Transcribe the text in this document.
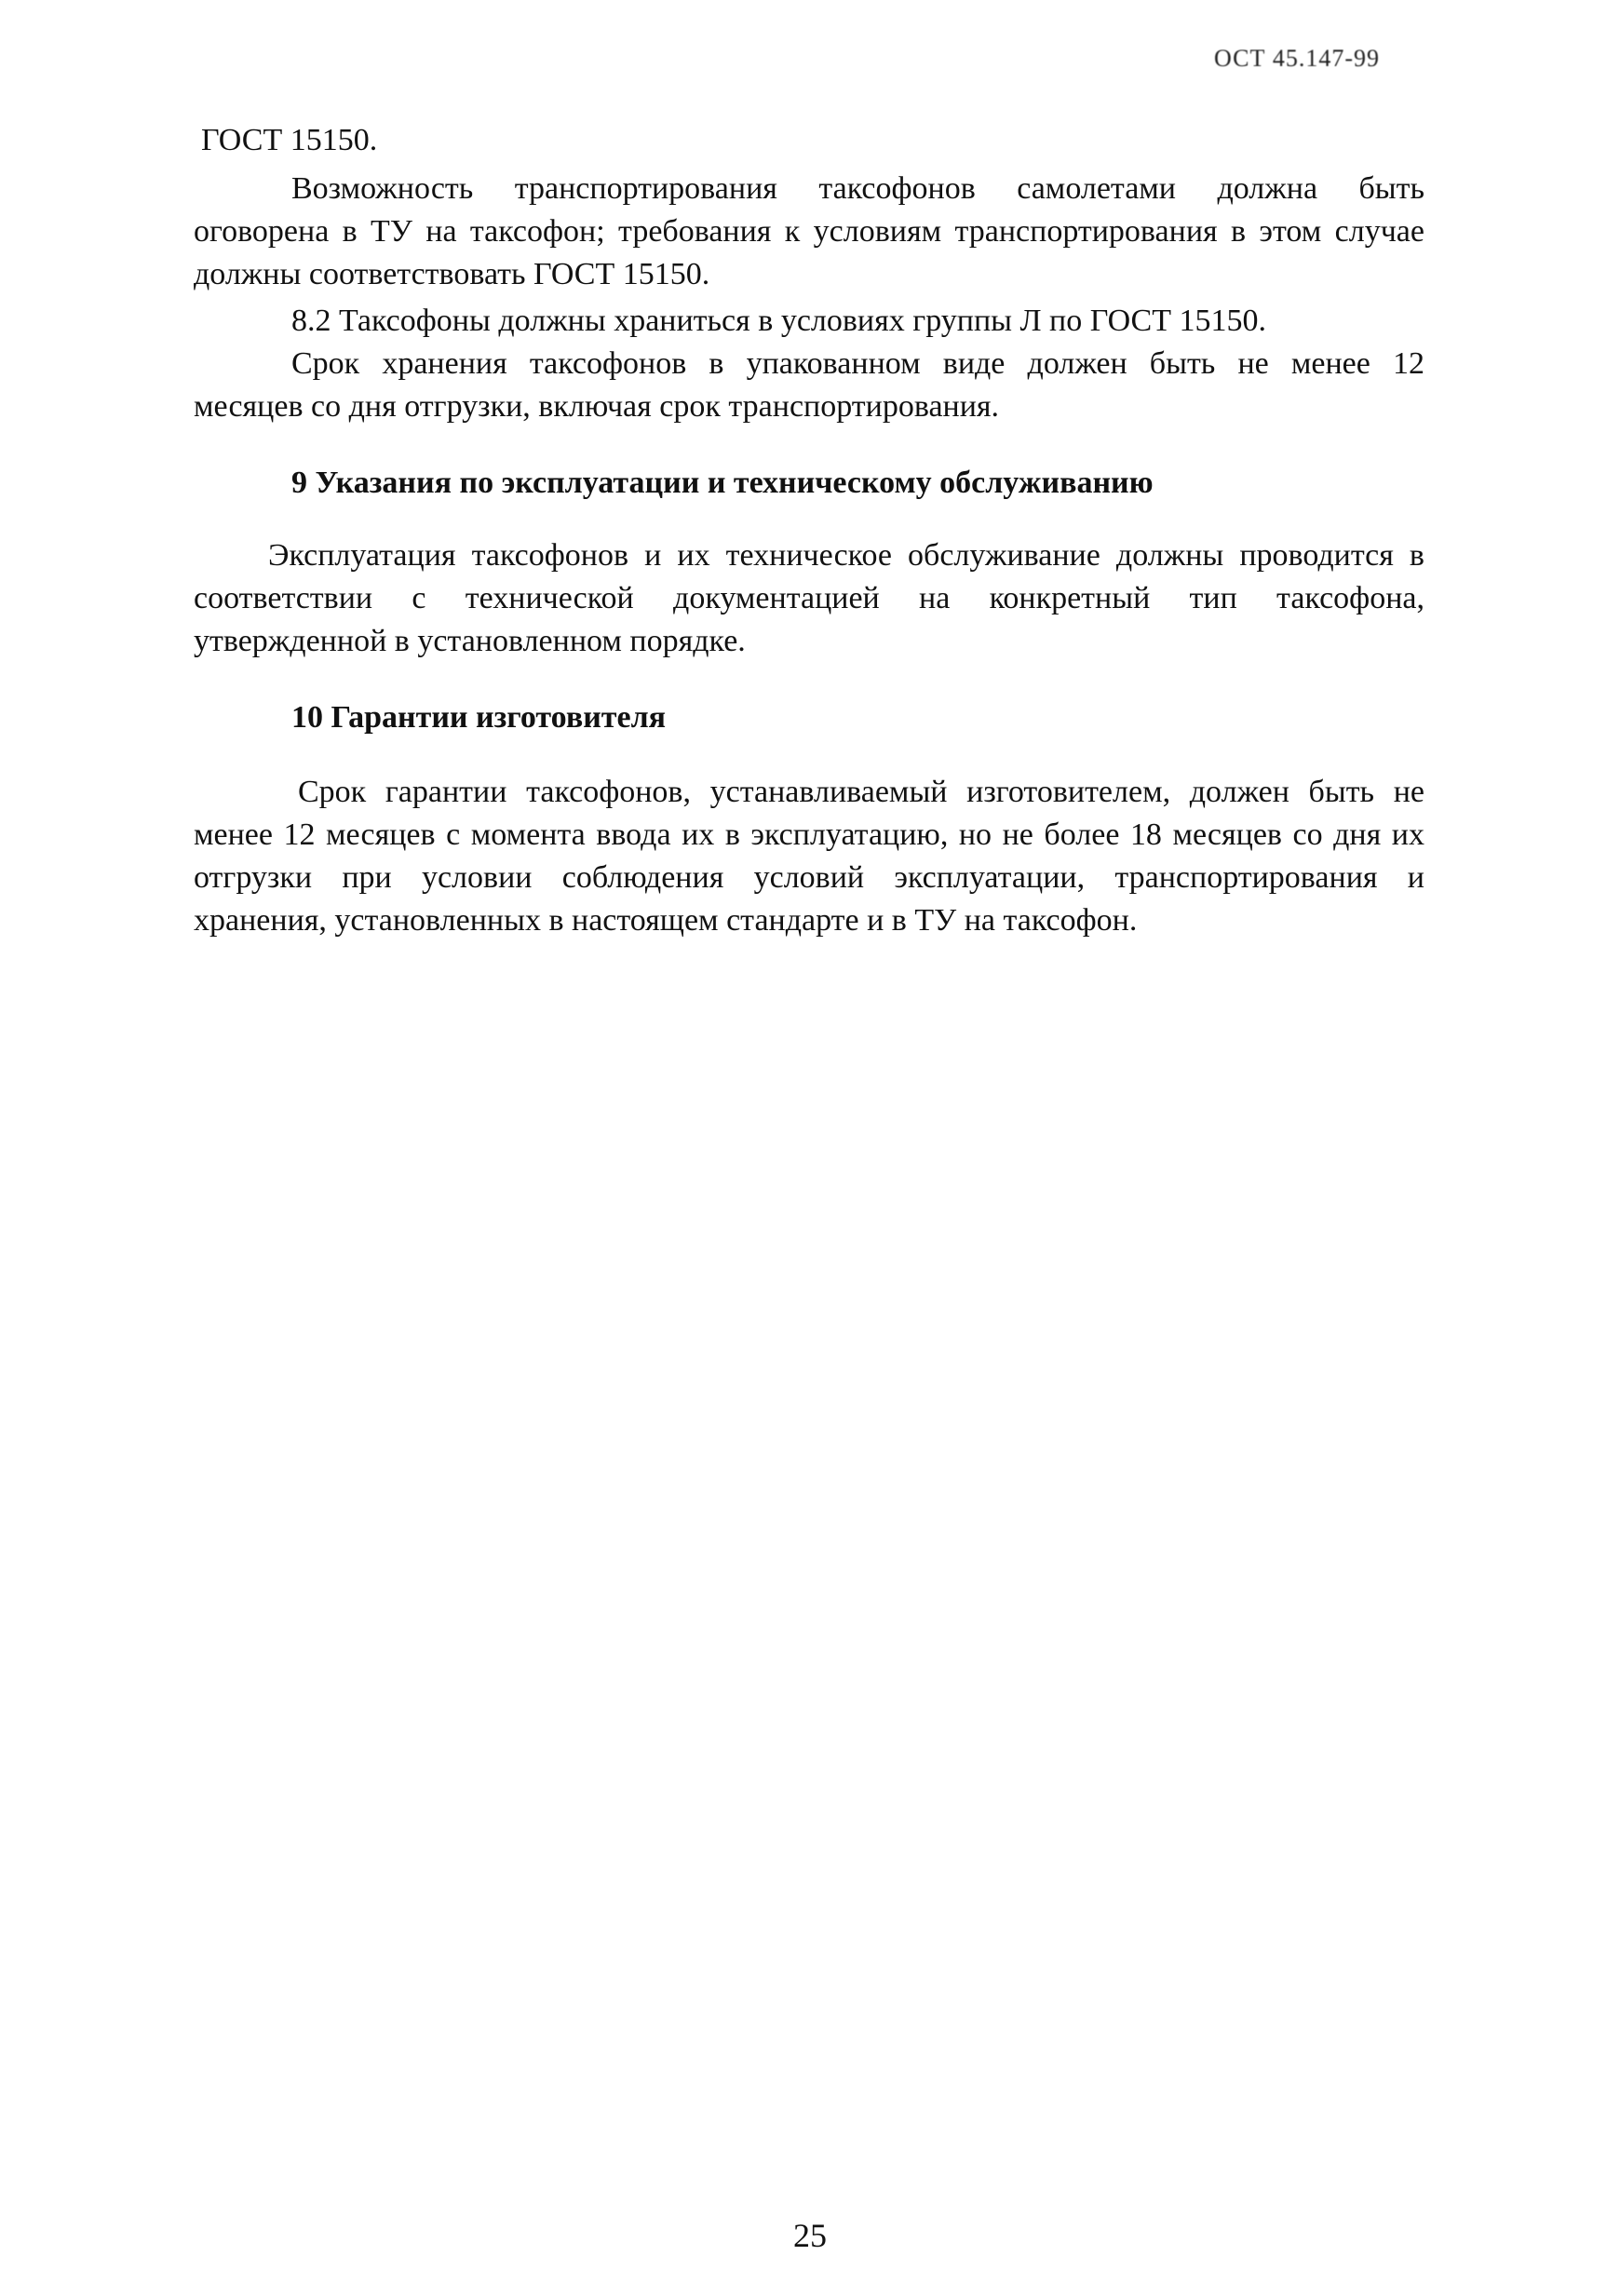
ОСТ 45.147-99
ГОСТ 15150.
Возможность транспортирования таксофонов самолетами должна быть
оговорена в ТУ на таксофон; требования к условиям транспортирования в этом случае
должны соответствовать ГОСТ 15150.
8.2 Таксофоны должны храниться в условиях группы Л по ГОСТ 15150.
Срок хранения таксофонов в упакованном виде должен быть не менее 12
месяцев со дня отгрузки, включая срок транспортирования.
9 Указания по эксплуатации и техническому обслуживанию
Эксплуатация таксофонов и их техническое обслуживание должны проводится в
соответствии с технической документацией на конкретный тип таксофона,
утвержденной в установленном порядке.
10 Гарантии изготовителя
Срок гарантии таксофонов, устанавливаемый изготовителем, должен быть не
менее 12 месяцев с момента ввода их в эксплуатацию, но не более 18 месяцев со дня их
отгрузки при условии соблюдения условий эксплуатации, транспортирования и
хранения, установленных в настоящем стандарте и в ТУ на таксофон.
25
